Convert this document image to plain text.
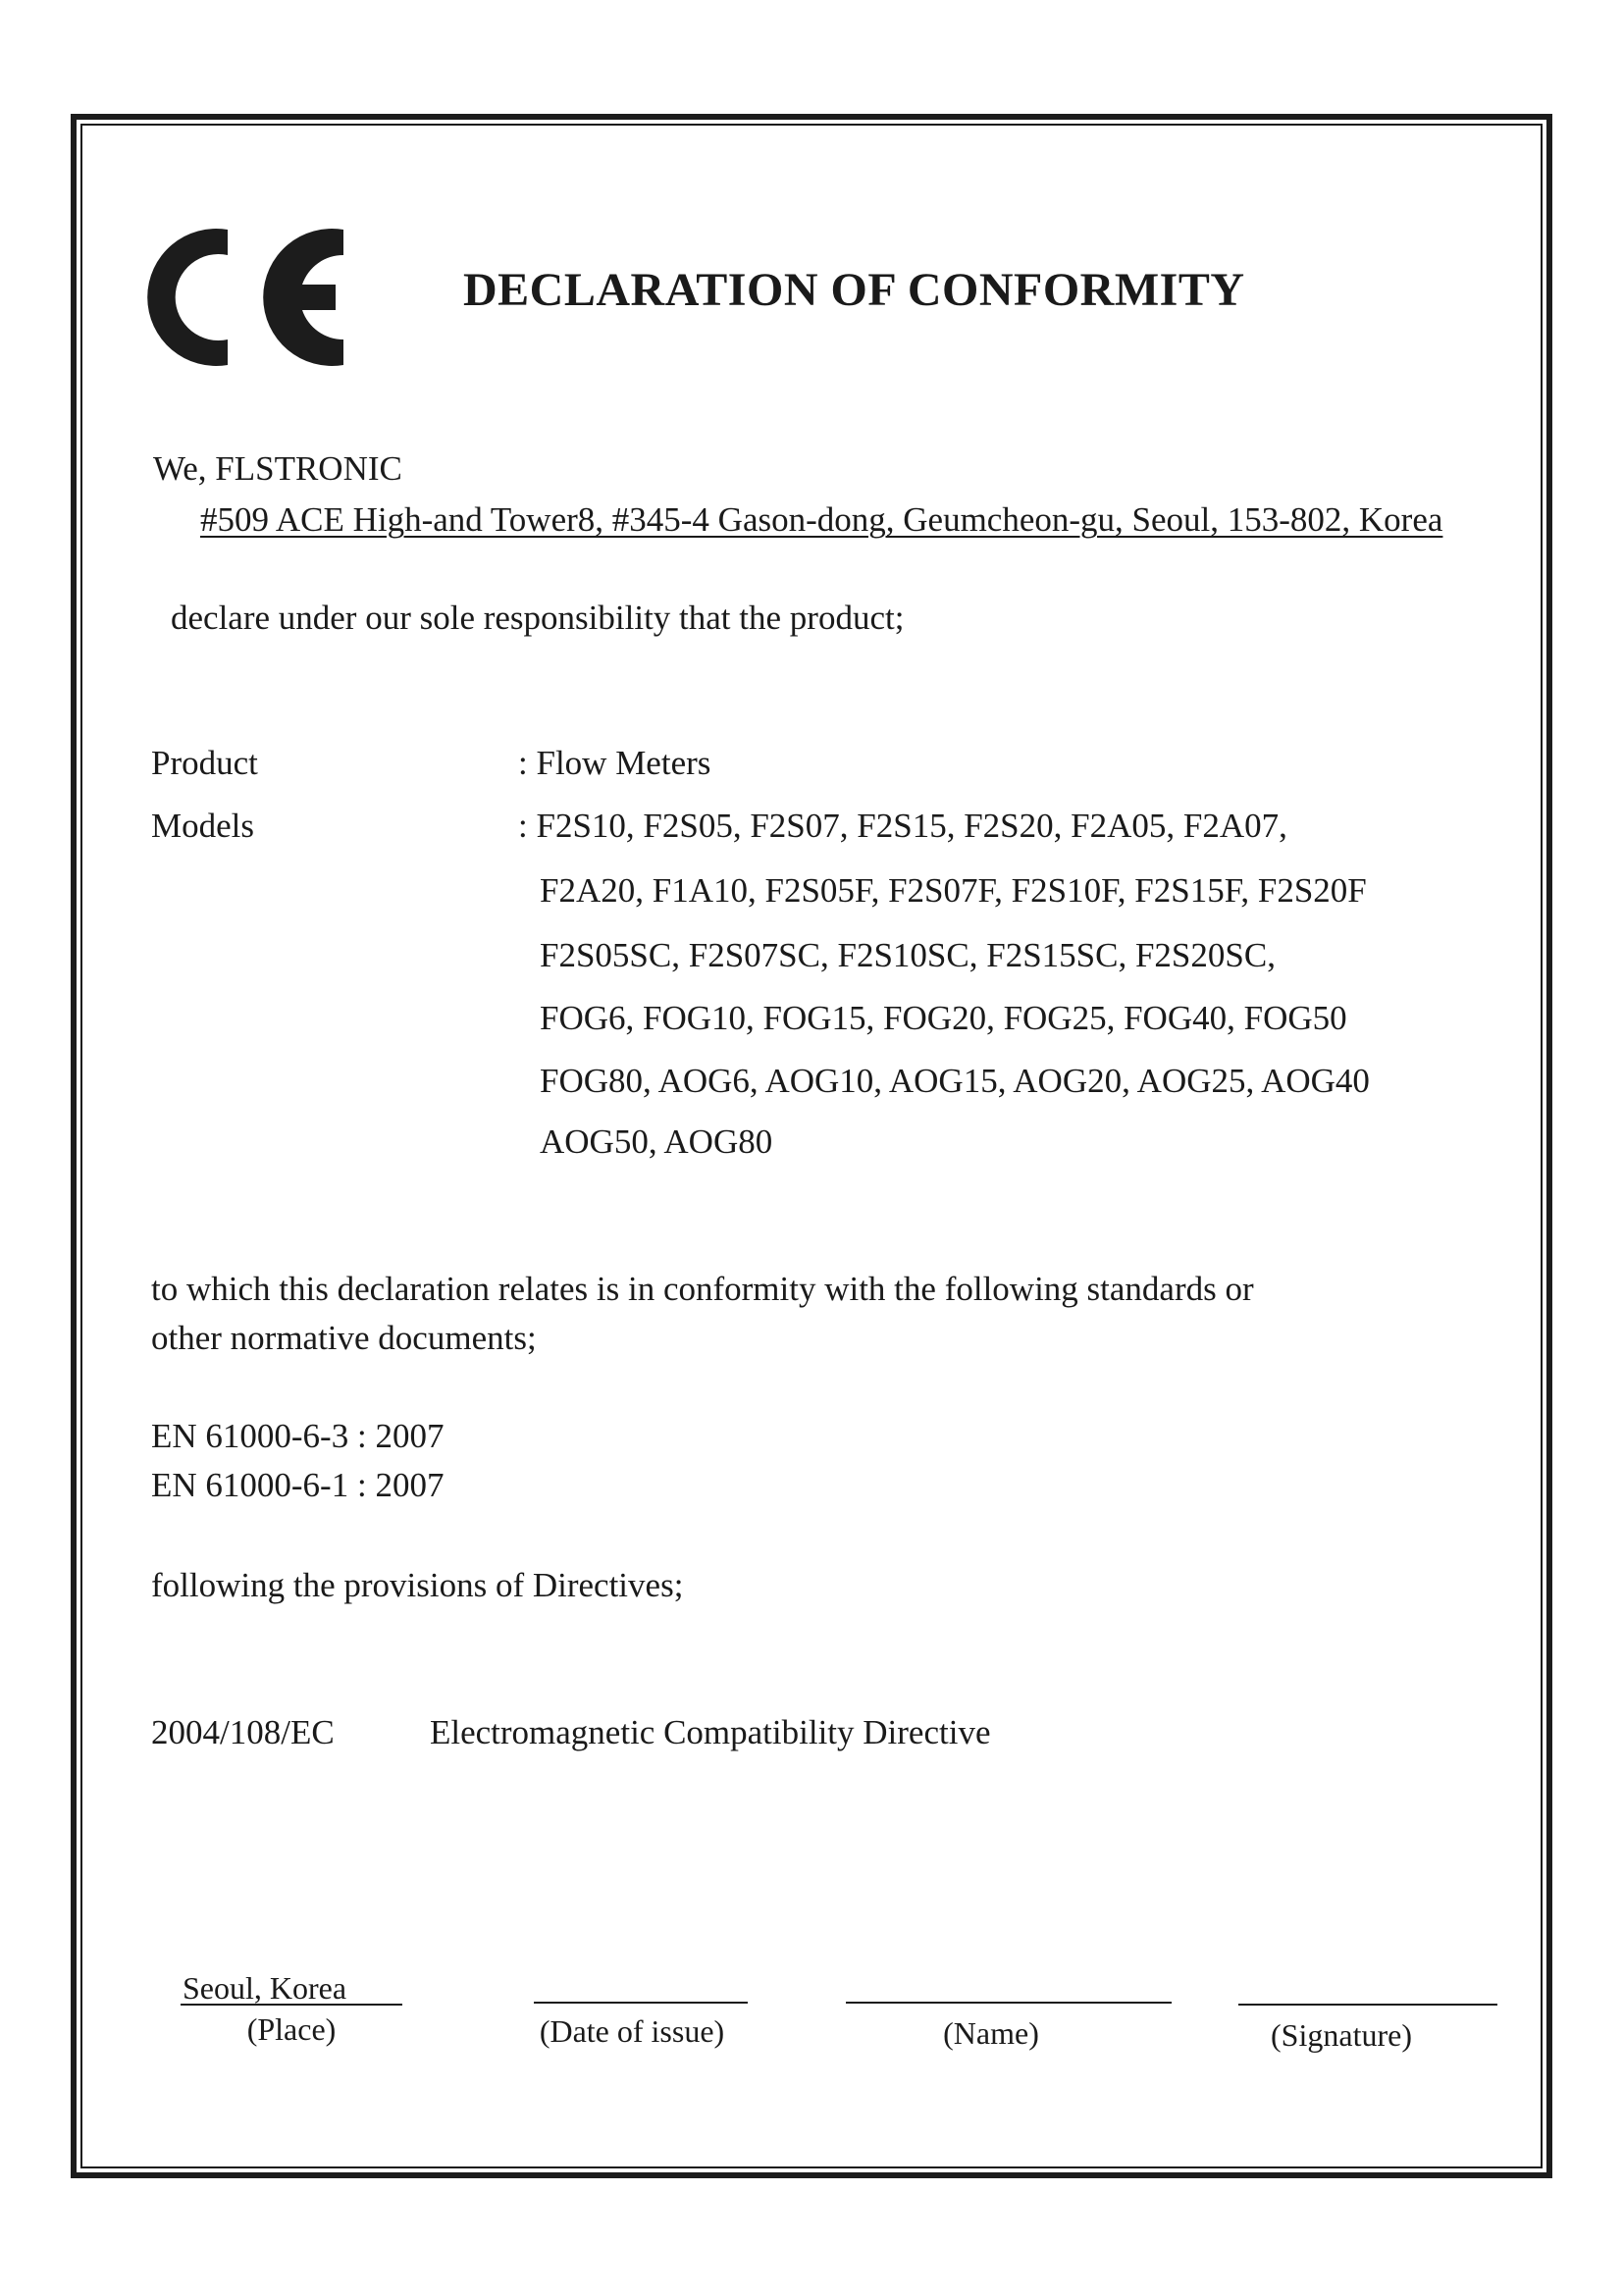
DECLARATION OF CONFORMITY
We, FLSTRONIC
#509 ACE High-and Tower8, #345-4 Gason-dong, Geumcheon-gu, Seoul, 153-802, Korea
declare under our sole responsibility that the product;
Product	: Flow Meters
Models	: F2S10, F2S05, F2S07, F2S15, F2S20, F2A05, F2A07,
F2A20, F1A10, F2S05F, F2S07F, F2S10F, F2S15F, F2S20F
F2S05SC, F2S07SC, F2S10SC, F2S15SC, F2S20SC,
FOG6, FOG10, FOG15, FOG20, FOG25, FOG40, FOG50
FOG80, AOG6, AOG10, AOG15, AOG20, AOG25, AOG40
AOG50, AOG80
to which this declaration relates is in conformity with the following standards or
other normative documents;
EN 61000-6-3 : 2007
EN 61000-6-1 : 2007
following the provisions of Directives;
2004/108/EC	Electromagnetic Compatibility Directive
Seoul, Korea
(Place)	(Date of issue)	(Name)	(Signature)
